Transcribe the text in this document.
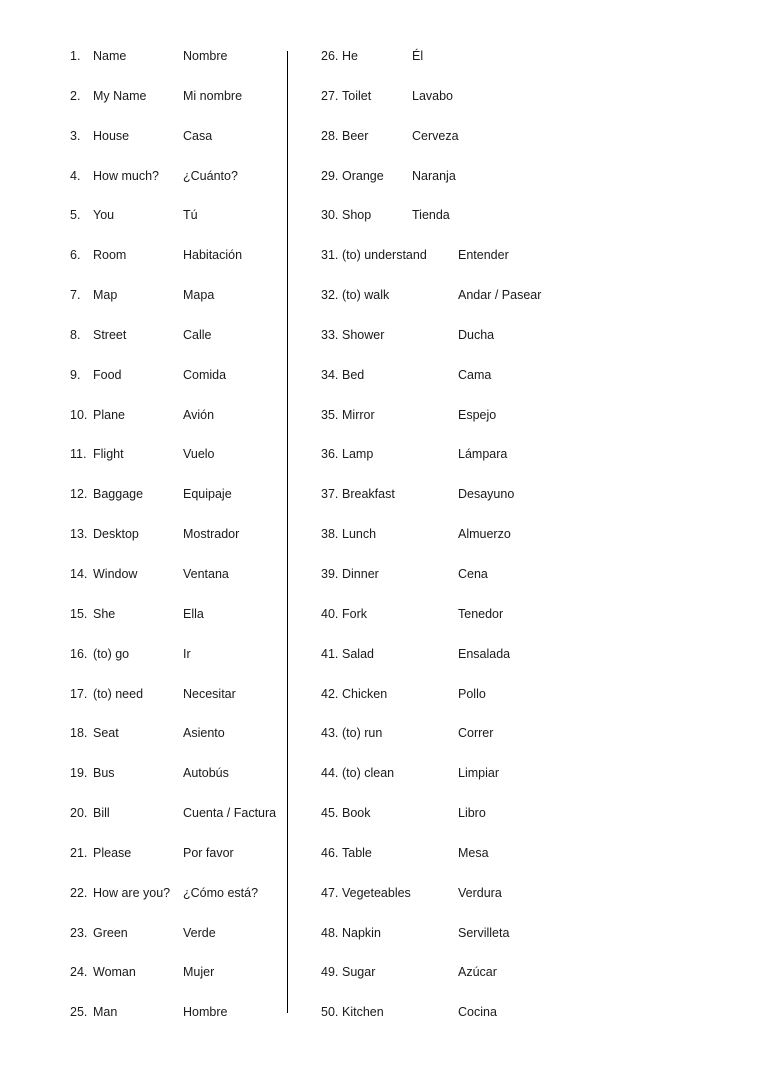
1. Name	Nombre
2. My Name	Mi nombre
3. House	Casa
4. How much? ¿Cuánto?
5. You	Tú
6. Room	Habitación
7. Map	Mapa
8. Street	Calle
9. Food	Comida
10. Plane	Avión
11. Flight	Vuelo
12. Baggage	Equipaje
13. Desktop	Mostrador
14. Window	Ventana
15. She	Ella
16. (to) go	Ir
17. (to) need	Necesitar
18. Seat	Asiento
19. Bus	Autobús
20. Bill	Cuenta / Factura
21. Please	Por favor
22. How are you? ¿Cómo está?
23. Green	Verde
24. Woman	Mujer
25. Man	Hombre
26. He	Él
27. Toilet	Lavabo
28. Beer	Cerveza
29. Orange Naranja
30. Shop	Tienda
31. (to) understand Entender
32. (to) walk	Andar / Pasear
33. Shower	Ducha
34. Bed	Cama
35. Mirror	Espejo
36. Lamp	Lámpara
37. Breakfast	Desayuno
38. Lunch	Almuerzo
39. Dinner	Cena
40. Fork	Tenedor
41. Salad	Ensalada
42. Chicken	Pollo
43. (to) run	Correr
44. (to) clean	Limpiar
45. Book	Libro
46. Table	Mesa
47. Vegeteables	Verdura
48. Napkin	Servilleta
49. Sugar	Azúcar
50. Kitchen	Cocina
